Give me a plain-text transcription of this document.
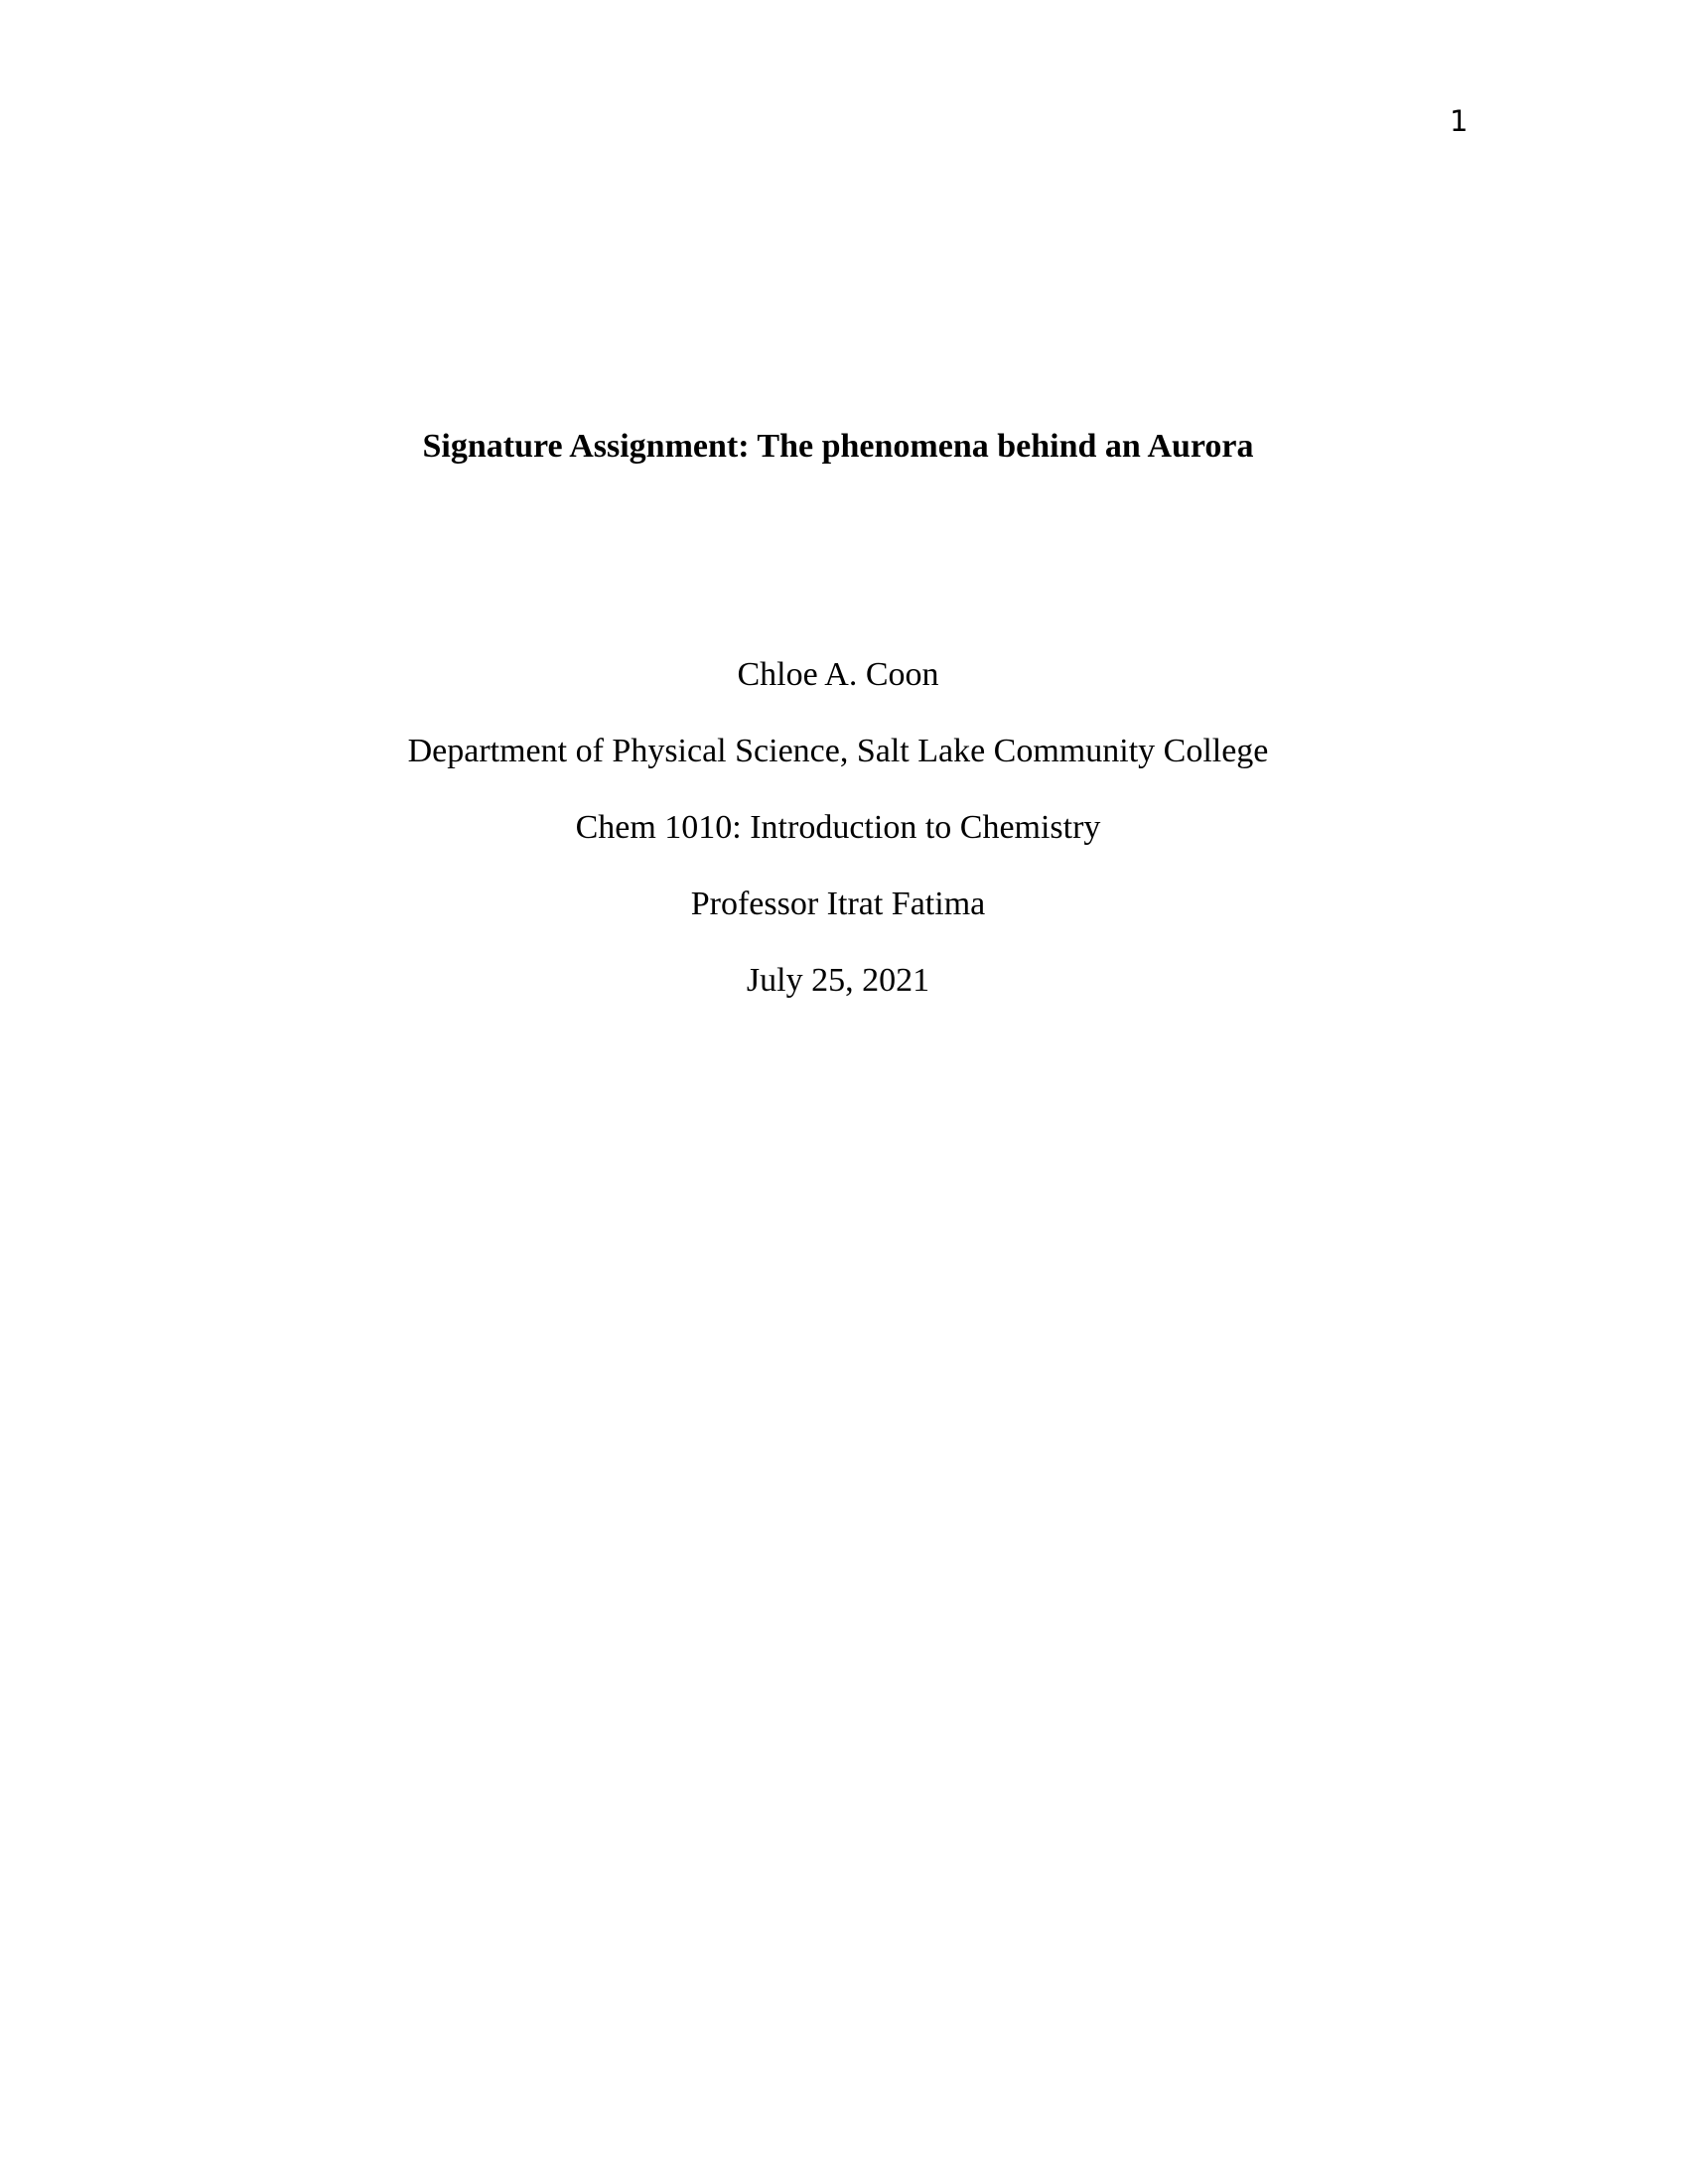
1
Signature Assignment: The phenomena behind an Aurora
Chloe A. Coon
Department of Physical Science, Salt Lake Community College
Chem 1010: Introduction to Chemistry
Professor Itrat Fatima
July 25, 2021
